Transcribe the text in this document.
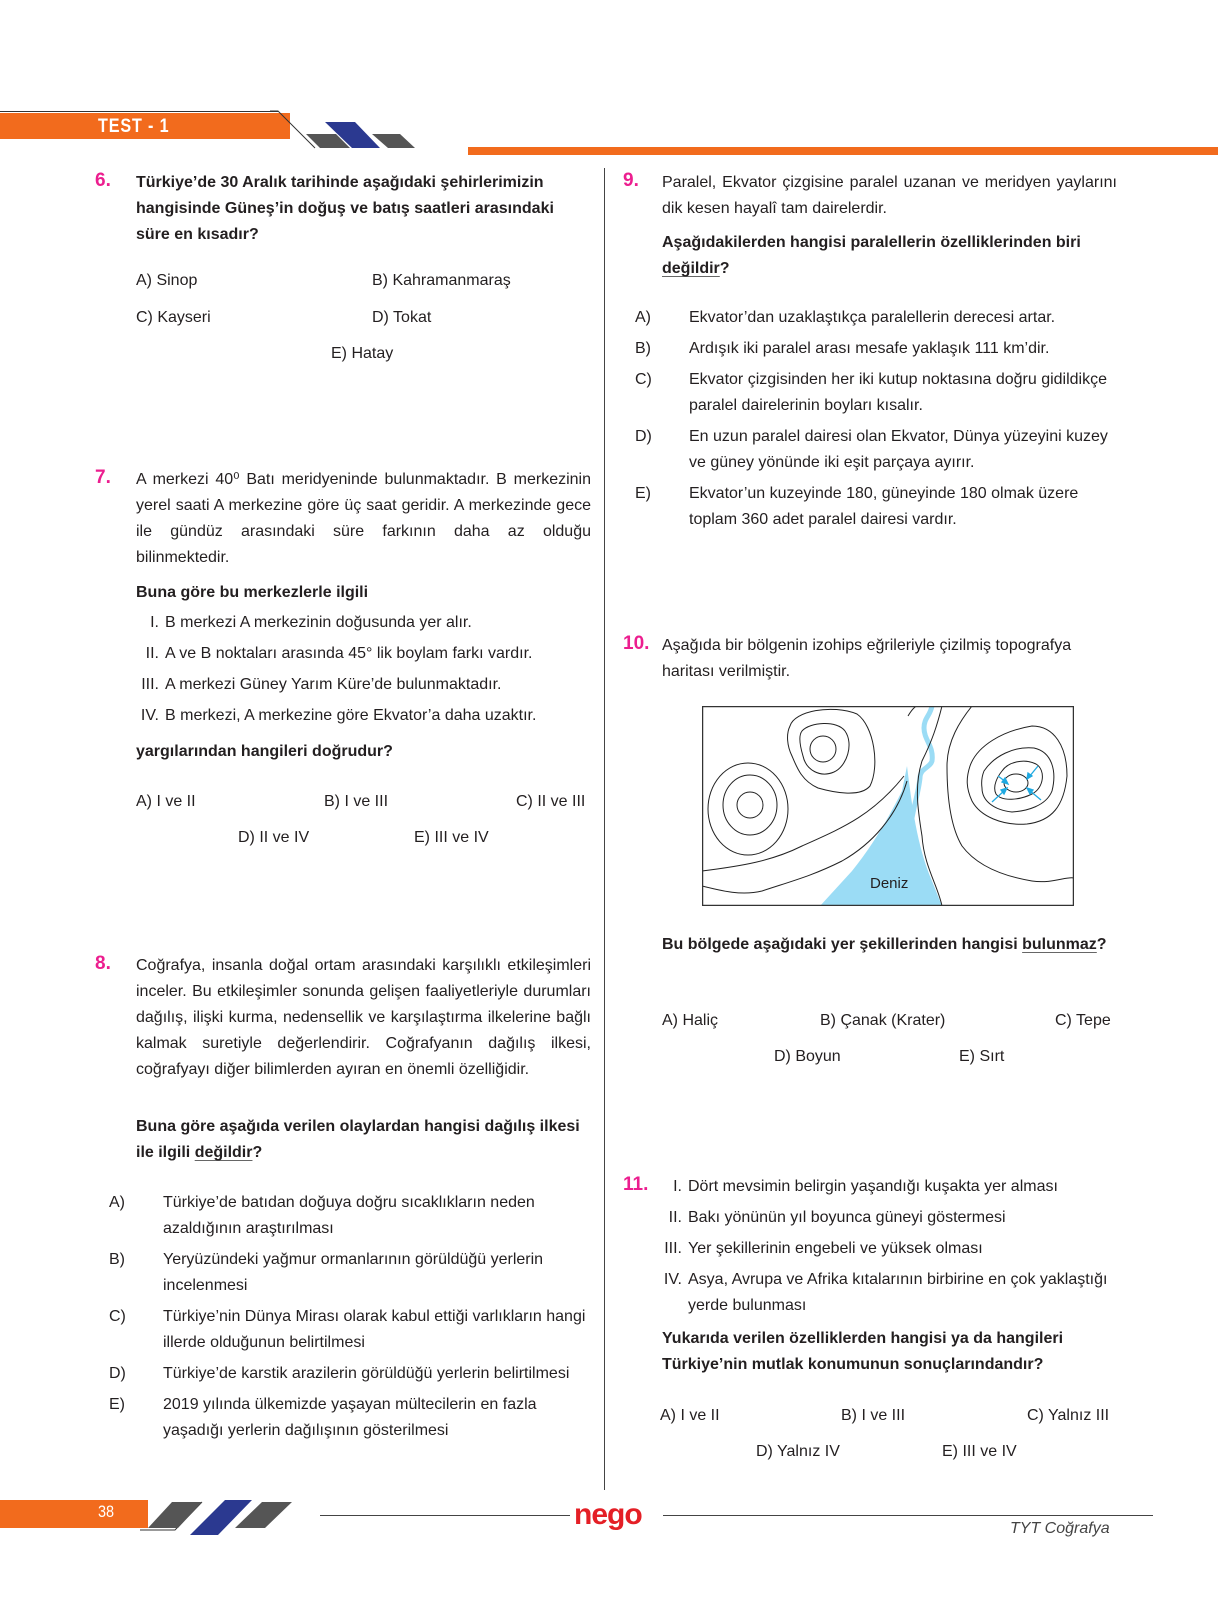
TEST - 1
6. Türkiye’de 30 Aralık tarihinde aşağıdaki şehirlerimizin hangisinde Güneş’in doğuş ve batış saatleri arasındaki süre en kısadır?
A) Sinop	B) Kahramanmaraş
C) Kayseri	D) Tokat
E) Hatay
7. A merkezi 40⁰ Batı meridyeninde bulunmaktadır. B merkezinin yerel saati A merkezine göre üç saat geridir. A merkezinde gece ile gündüz arasındaki süre farkının daha az olduğu bilinmektedir.
Buna göre bu merkezlerle ilgili
I. B merkezi A merkezinin doğusunda yer alır.
II. A ve B noktaları arasında 45° lik boylam farkı vardır.
III. A merkezi Güney Yarım Küre’de bulunmaktadır.
IV. B merkezi, A merkezine göre Ekvator’a daha uzaktır.
yargılarından hangileri doğrudur?
A) I ve II	B) I ve III	C) II ve III
D) II ve IV	E) III ve IV
8. Coğrafya, insanla doğal ortam arasındaki karşılıklı etkileşimleri inceler. Bu etkileşimler sonunda gelişen faaliyetleriyle durumları dağılış, ilişki kurma, nedensellik ve karşılaştırma ilkelerine bağlı kalmak suretiyle değerlendirir. Coğrafyanın dağılış ilkesi, coğrafyayı diğer bilimlerden ayıran en önemli özelliğidir.
Buna göre aşağıda verilen olaylardan hangisi dağılış ilkesi ile ilgili değildir?
A) Türkiye’de batıdan doğuya doğru sıcaklıkların neden azaldığının araştırılması
B) Yeryüzündeki yağmur ormanlarının görüldüğü yerlerin incelenmesi
C) Türkiye’nin Dünya Mirası olarak kabul ettiği varlıkların hangi illerde olduğunun belirtilmesi
D) Türkiye’de karstik arazilerin görüldüğü yerlerin belirtilmesi
E) 2019 yılında ülkemizde yaşayan mültecilerin en fazla yaşadığı yerlerin dağılışının gösterilmesi
9. Paralel, Ekvator çizgisine paralel uzanan ve meridyen yaylarını dik kesen hayalî tam dairelerdir.
Aşağıdakilerden hangisi paralellerin özelliklerinden biri değildir?
A) Ekvator’dan uzaklaştıkça paralellerin derecesi artar.
B) Ardışık iki paralel arası mesafe yaklaşık 111 km’dir.
C) Ekvator çizgisinden her iki kutup noktasına doğru gidildikçe paralel dairelerinin boyları kısalır.
D) En uzun paralel dairesi olan Ekvator, Dünya yüzeyini kuzey ve güney yönünde iki eşit parçaya ayırır.
E) Ekvator’un kuzeyinde 180, güneyinde 180 olmak üzere toplam 360 adet paralel dairesi vardır.
10. Aşağıda bir bölgenin izohips eğrileriyle çizilmiş topografya haritası verilmiştir.
Deniz
Bu bölgede aşağıdaki yer şekillerinden hangisi bulunmaz?
A) Haliç	B) Çanak (Krater)	C) Tepe
D) Boyun	E) Sırt
11.	I. Dört mevsimin belirgin yaşandığı kuşakta yer alması
II. Bakı yönünün yıl boyunca güneyi göstermesi
III. Yer şekillerinin engebeli ve yüksek olması
IV. Asya, Avrupa ve Afrika kıtalarının birbirine en çok yaklaştığı yerde bulunması
Yukarıda verilen özelliklerden hangisi ya da hangileri Türkiye’nin mutlak konumunun sonuçlarındandır?
A) I ve II	B) I ve III	C) Yalnız III
D) Yalnız IV	E) III ve IV
38	nego	TYT Coğrafya
